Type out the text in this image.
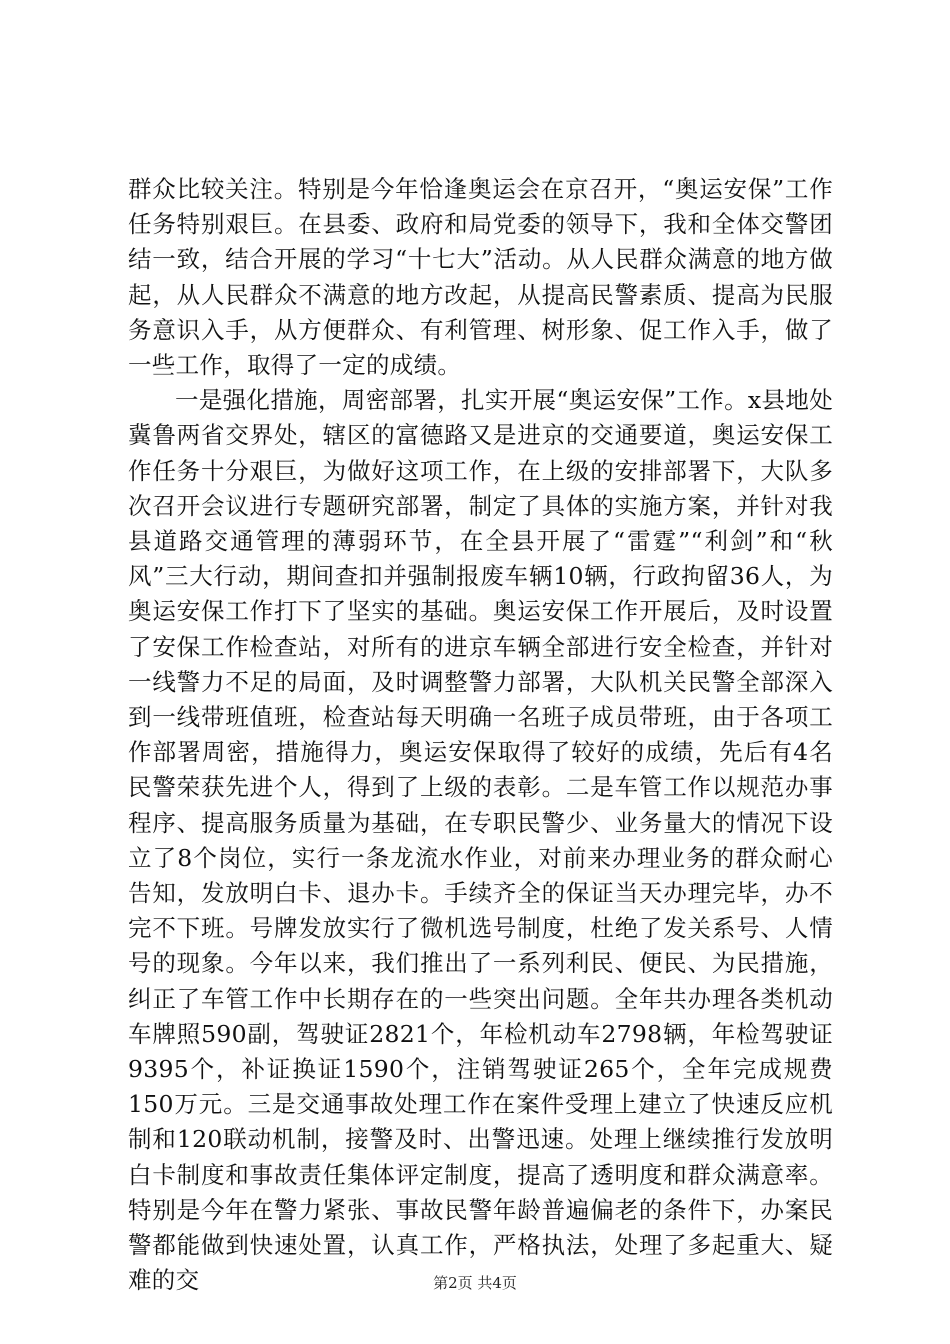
群众比较关注。特别是今年恰逢奥运会在京召开，“奥运安保”工作任务特别艰巨。在县委、政府和局党委的领导下，我和全体交警团结一致，结合开展的学习“十七大”活动。从人民群众满意的地方做起，从人民群众不满意的地方改起，从提高民警素质、提高为民服务意识入手，从方便群众、有利管理、树形象、促工作入手，做了一些工作，取得了一定的成绩。

一是强化措施，周密部署，扎实开展“奥运安保”工作。x县地处冀鲁两省交界处，辖区的富德路又是进京的交通要道，奥运安保工作任务十分艰巨，为做好这项工作，在上级的安排部署下，大队多次召开会议进行专题研究部署，制定了具体的实施方案，并针对我县道路交通管理的薄弱环节，在全县开展了“雷霆”“利剑”和“秋风”三大行动，期间查扣并强制报废车辆10辆，行政拘留36人，为奥运安保工作打下了坚实的基础。奥运安保工作开展后，及时设置了安保工作检查站，对所有的进京车辆全部进行安全检查，并针对一线警力不足的局面，及时调整警力部署，大队机关民警全部深入到一线带班值班，检查站每天明确一名班子成员带班，由于各项工作部署周密，措施得力，奥运安保取得了较好的成绩，先后有4名民警荣获先进个人，得到了上级的表彰。二是车管工作以规范办事程序、提高服务质量为基础，在专职民警少、业务量大的情况下设立了8个岗位，实行一条龙流水作业，对前来办理业务的群众耐心告知，发放明白卡、退办卡。手续齐全的保证当天办理完毕，办不完不下班。号牌发放实行了微机选号制度，杜绝了发关系号、人情号的现象。今年以来，我们推出了一系列利民、便民、为民措施，纠正了车管工作中长期存在的一些突出问题。全年共办理各类机动车牌照590副，驾驶证2821个，年检机动车2798辆，年检驾驶证9395个，补证换证1590个，注销驾驶证265个，全年完成规费150万元。三是交通事故处理工作在案件受理上建立了快速反应机制和120联动机制，接警及时、出警迅速。处理上继续推行发放明白卡制度和事故责任集体评定制度，提高了透明度和群众满意率。特别是今年在警力紧张、事故民警年龄普遍偏老的条件下，办案民警都能做到快速处置，认真工作，严格执法，处理了多起重大、疑难的交	第2页 共4页
